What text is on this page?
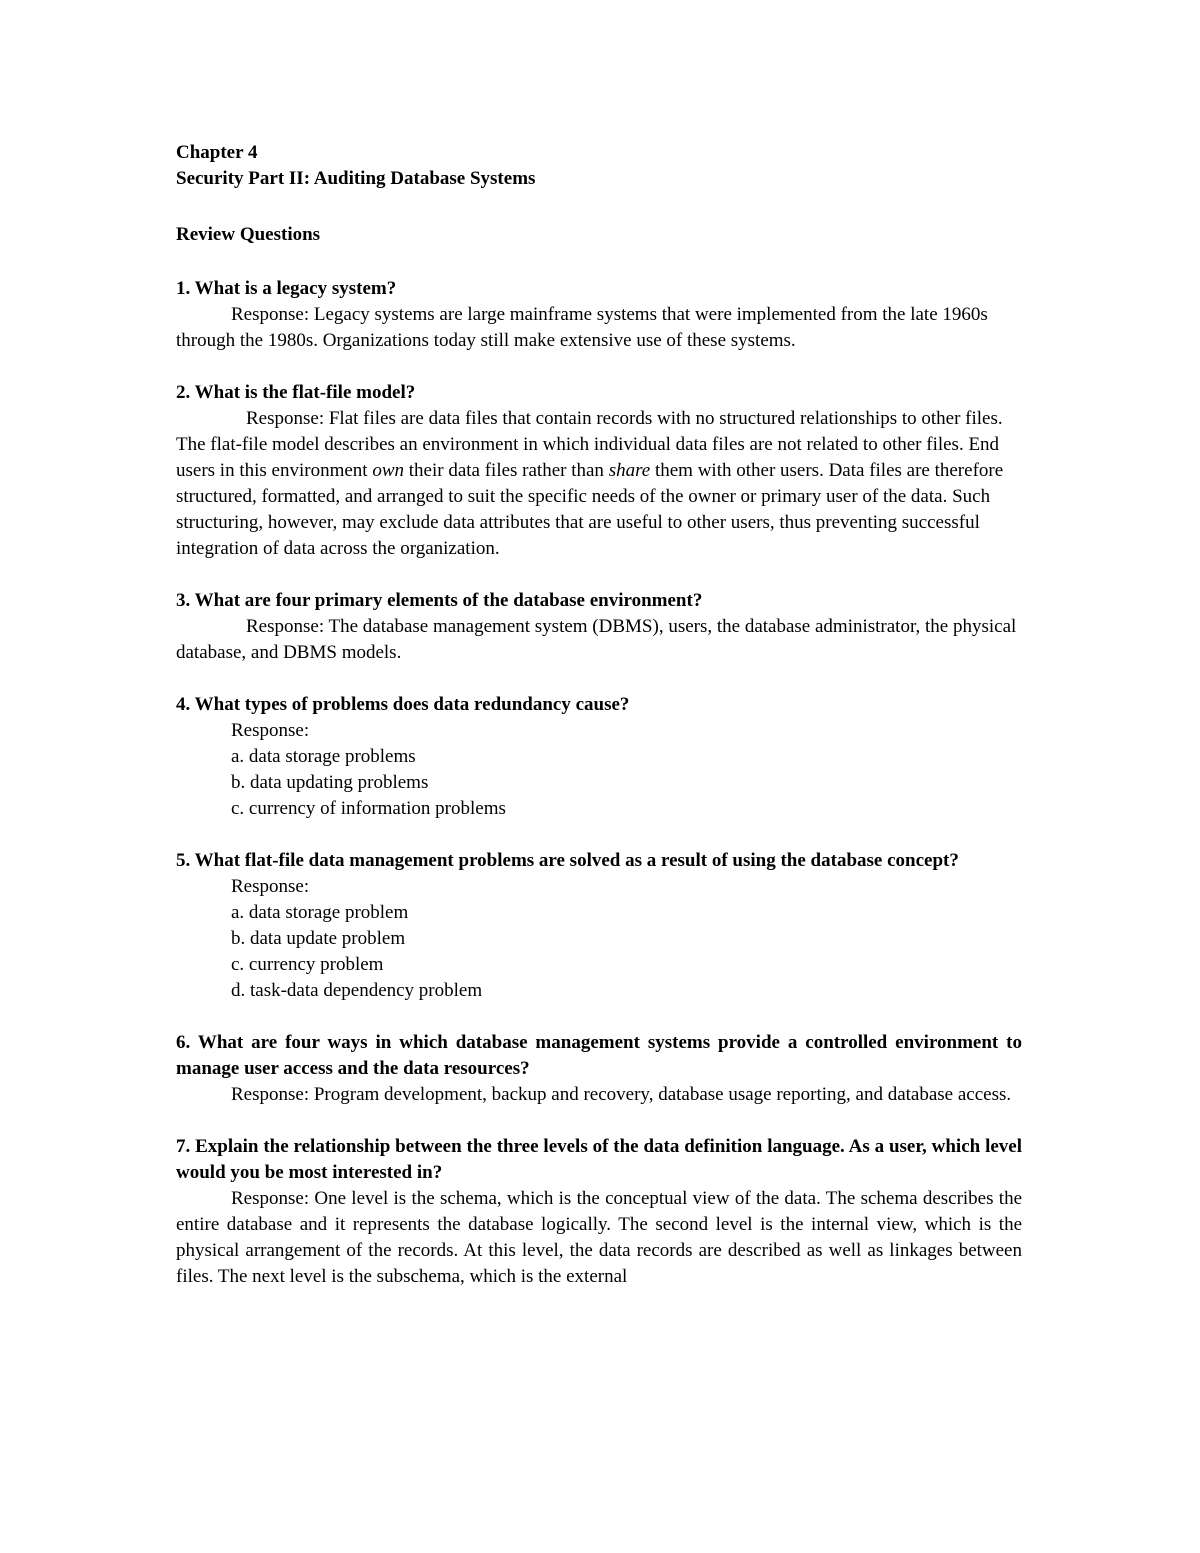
Chapter 4

Security Part II: Auditing Database Systems

Review Questions

1. What is a legacy system?

Response: Legacy systems are large mainframe systems that were implemented from the late 1960s through the 1980s. Organizations today still make extensive use of these systems.

2. What is the flat-file model?

Response: Flat files are data files that contain records with no structured relationships to other files. The flat-file model describes an environment in which individual data files are not related to other files. End users in this environment own their data files rather than share them with other users. Data files are therefore structured, formatted, and arranged to suit the specific needs of the owner or primary user of the data. Such structuring, however, may exclude data attributes that are useful to other users, thus preventing successful integration of data across the organization.

3. What are four primary elements of the database environment?

Response: The database management system (DBMS), users, the database administrator, the physical database, and DBMS models.

4. What types of problems does data redundancy cause?

Response:

a. data storage problems
b. data updating problems
c. currency of information problems

5. What flat-file data management problems are solved as a result of using the database concept?

Response:

a. data storage problem
b. data update problem
c. currency problem
d. task-data dependency problem

6. What are four ways in which database management systems provide a controlled environment to manage user access and the data resources?

Response: Program development, backup and recovery, database usage reporting, and database access.

7. Explain the relationship between the three levels of the data definition language. As a user, which level would you be most interested in?

Response: One level is the schema, which is the conceptual view of the data. The schema describes the entire database and it represents the database logically. The second level is the internal view, which is the physical arrangement of the records. At this level, the data records are described as well as linkages between files. The next level is the subschema, which is the external
